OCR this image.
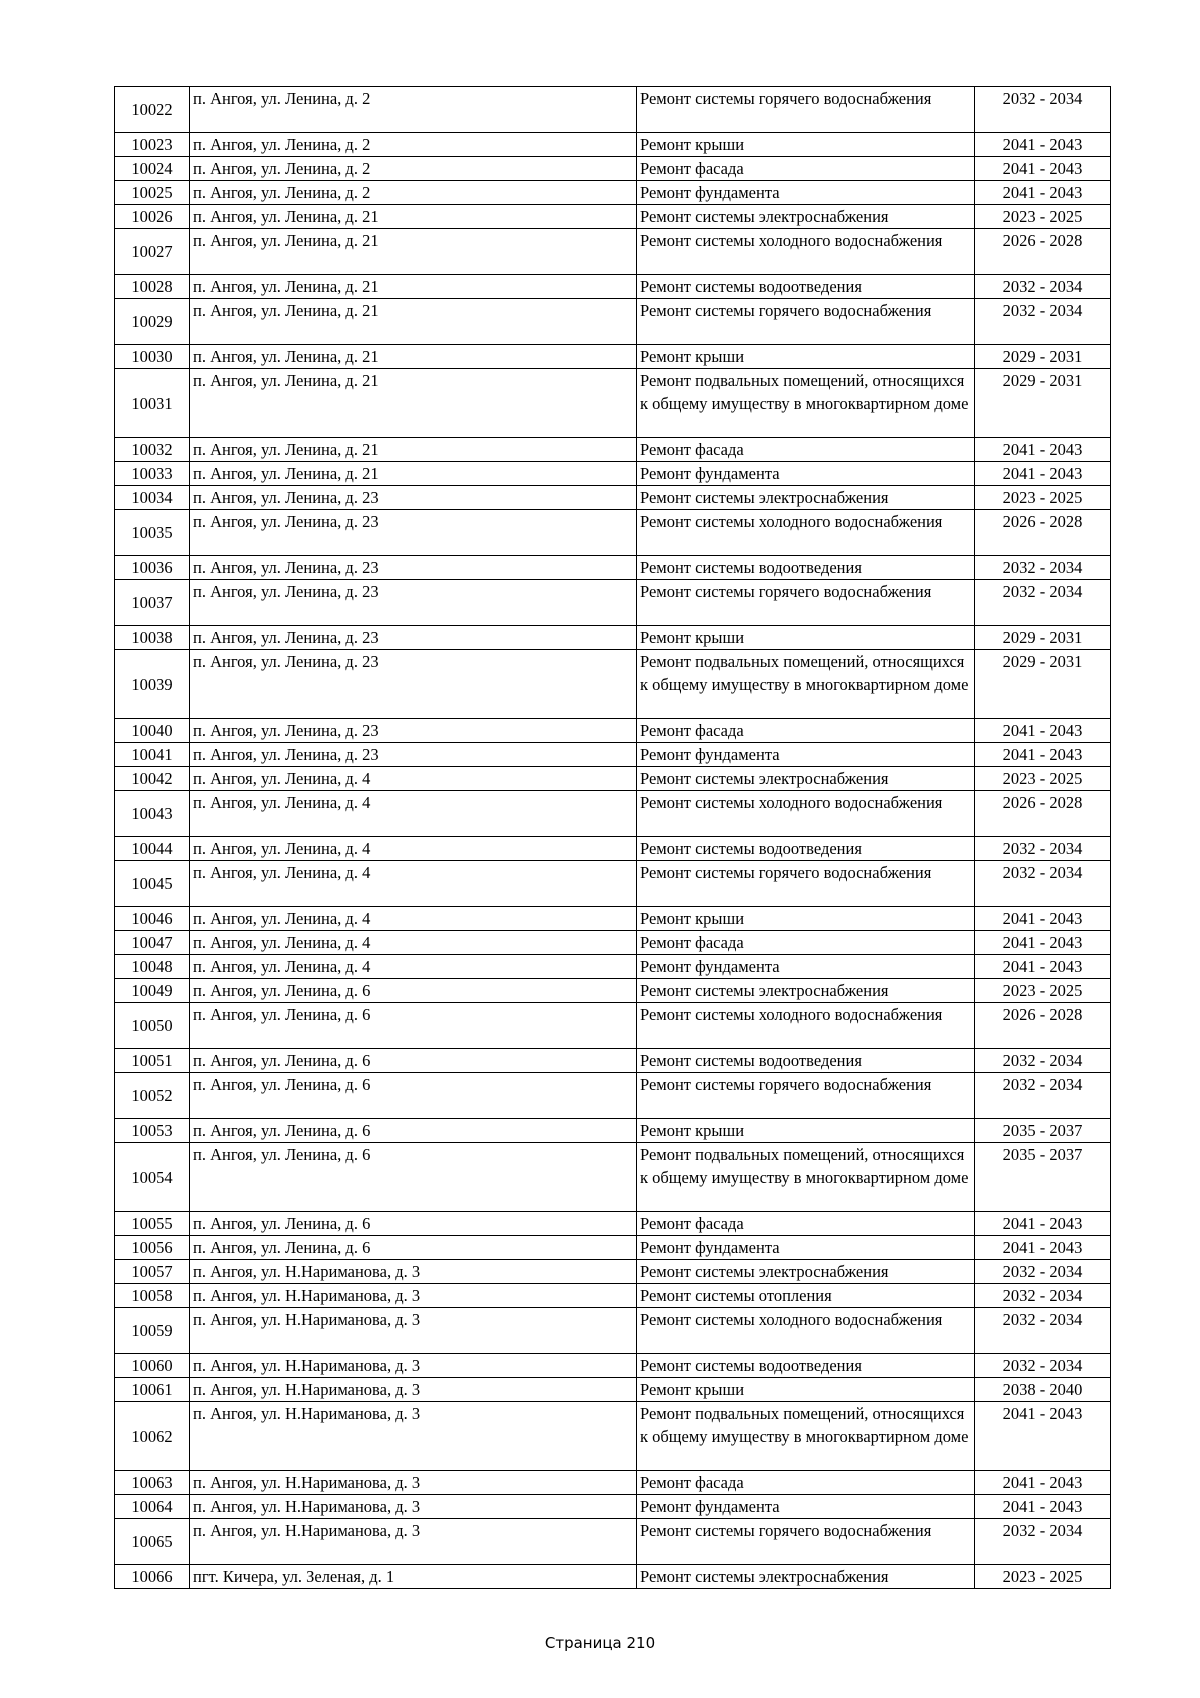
10022	п. Ангоя, ул. Ленина, д. 2	Ремонт системы горячего водоснабжения	2032 - 2034
10023	п. Ангоя, ул. Ленина, д. 2	Ремонт крыши	2041 - 2043
10024	п. Ангоя, ул. Ленина, д. 2	Ремонт фасада	2041 - 2043
10025	п. Ангоя, ул. Ленина, д. 2	Ремонт фундамента	2041 - 2043
10026	п. Ангоя, ул. Ленина, д. 21	Ремонт системы электроснабжения	2023 - 2025
10027	п. Ангоя, ул. Ленина, д. 21	Ремонт системы холодного водоснабжения	2026 - 2028
10028	п. Ангоя, ул. Ленина, д. 21	Ремонт системы водоотведения	2032 - 2034
10029	п. Ангоя, ул. Ленина, д. 21	Ремонт системы горячего водоснабжения	2032 - 2034
10030	п. Ангоя, ул. Ленина, д. 21	Ремонт крыши	2029 - 2031
10031	п. Ангоя, ул. Ленина, д. 21	Ремонт подвальных помещений, относящихся к общему имуществу в многоквартирном доме	2029 - 2031
10032	п. Ангоя, ул. Ленина, д. 21	Ремонт фасада	2041 - 2043
10033	п. Ангоя, ул. Ленина, д. 21	Ремонт фундамента	2041 - 2043
10034	п. Ангоя, ул. Ленина, д. 23	Ремонт системы электроснабжения	2023 - 2025
10035	п. Ангоя, ул. Ленина, д. 23	Ремонт системы холодного водоснабжения	2026 - 2028
10036	п. Ангоя, ул. Ленина, д. 23	Ремонт системы водоотведения	2032 - 2034
10037	п. Ангоя, ул. Ленина, д. 23	Ремонт системы горячего водоснабжения	2032 - 2034
10038	п. Ангоя, ул. Ленина, д. 23	Ремонт крыши	2029 - 2031
10039	п. Ангоя, ул. Ленина, д. 23	Ремонт подвальных помещений, относящихся к общему имуществу в многоквартирном доме	2029 - 2031
10040	п. Ангоя, ул. Ленина, д. 23	Ремонт фасада	2041 - 2043
10041	п. Ангоя, ул. Ленина, д. 23	Ремонт фундамента	2041 - 2043
10042	п. Ангоя, ул. Ленина, д. 4	Ремонт системы электроснабжения	2023 - 2025
10043	п. Ангоя, ул. Ленина, д. 4	Ремонт системы холодного водоснабжения	2026 - 2028
10044	п. Ангоя, ул. Ленина, д. 4	Ремонт системы водоотведения	2032 - 2034
10045	п. Ангоя, ул. Ленина, д. 4	Ремонт системы горячего водоснабжения	2032 - 2034
10046	п. Ангоя, ул. Ленина, д. 4	Ремонт крыши	2041 - 2043
10047	п. Ангоя, ул. Ленина, д. 4	Ремонт фасада	2041 - 2043
10048	п. Ангоя, ул. Ленина, д. 4	Ремонт фундамента	2041 - 2043
10049	п. Ангоя, ул. Ленина, д. 6	Ремонт системы электроснабжения	2023 - 2025
10050	п. Ангоя, ул. Ленина, д. 6	Ремонт системы холодного водоснабжения	2026 - 2028
10051	п. Ангоя, ул. Ленина, д. 6	Ремонт системы водоотведения	2032 - 2034
10052	п. Ангоя, ул. Ленина, д. 6	Ремонт системы горячего водоснабжения	2032 - 2034
10053	п. Ангоя, ул. Ленина, д. 6	Ремонт крыши	2035 - 2037
10054	п. Ангоя, ул. Ленина, д. 6	Ремонт подвальных помещений, относящихся к общему имуществу в многоквартирном доме	2035 - 2037
10055	п. Ангоя, ул. Ленина, д. 6	Ремонт фасада	2041 - 2043
10056	п. Ангоя, ул. Ленина, д. 6	Ремонт фундамента	2041 - 2043
10057	п. Ангоя, ул. Н.Нариманова, д. 3	Ремонт системы электроснабжения	2032 - 2034
10058	п. Ангоя, ул. Н.Нариманова, д. 3	Ремонт системы отопления	2032 - 2034
10059	п. Ангоя, ул. Н.Нариманова, д. 3	Ремонт системы холодного водоснабжения	2032 - 2034
10060	п. Ангоя, ул. Н.Нариманова, д. 3	Ремонт системы водоотведения	2032 - 2034
10061	п. Ангоя, ул. Н.Нариманова, д. 3	Ремонт крыши	2038 - 2040
10062	п. Ангоя, ул. Н.Нариманова, д. 3	Ремонт подвальных помещений, относящихся к общему имуществу в многоквартирном доме	2041 - 2043
10063	п. Ангоя, ул. Н.Нариманова, д. 3	Ремонт фасада	2041 - 2043
10064	п. Ангоя, ул. Н.Нариманова, д. 3	Ремонт фундамента	2041 - 2043
10065	п. Ангоя, ул. Н.Нариманова, д. 3	Ремонт системы горячего водоснабжения	2032 - 2034
10066	пгт. Кичера, ул. Зеленая, д. 1	Ремонт системы электроснабжения	2023 - 2025
Страница 210
